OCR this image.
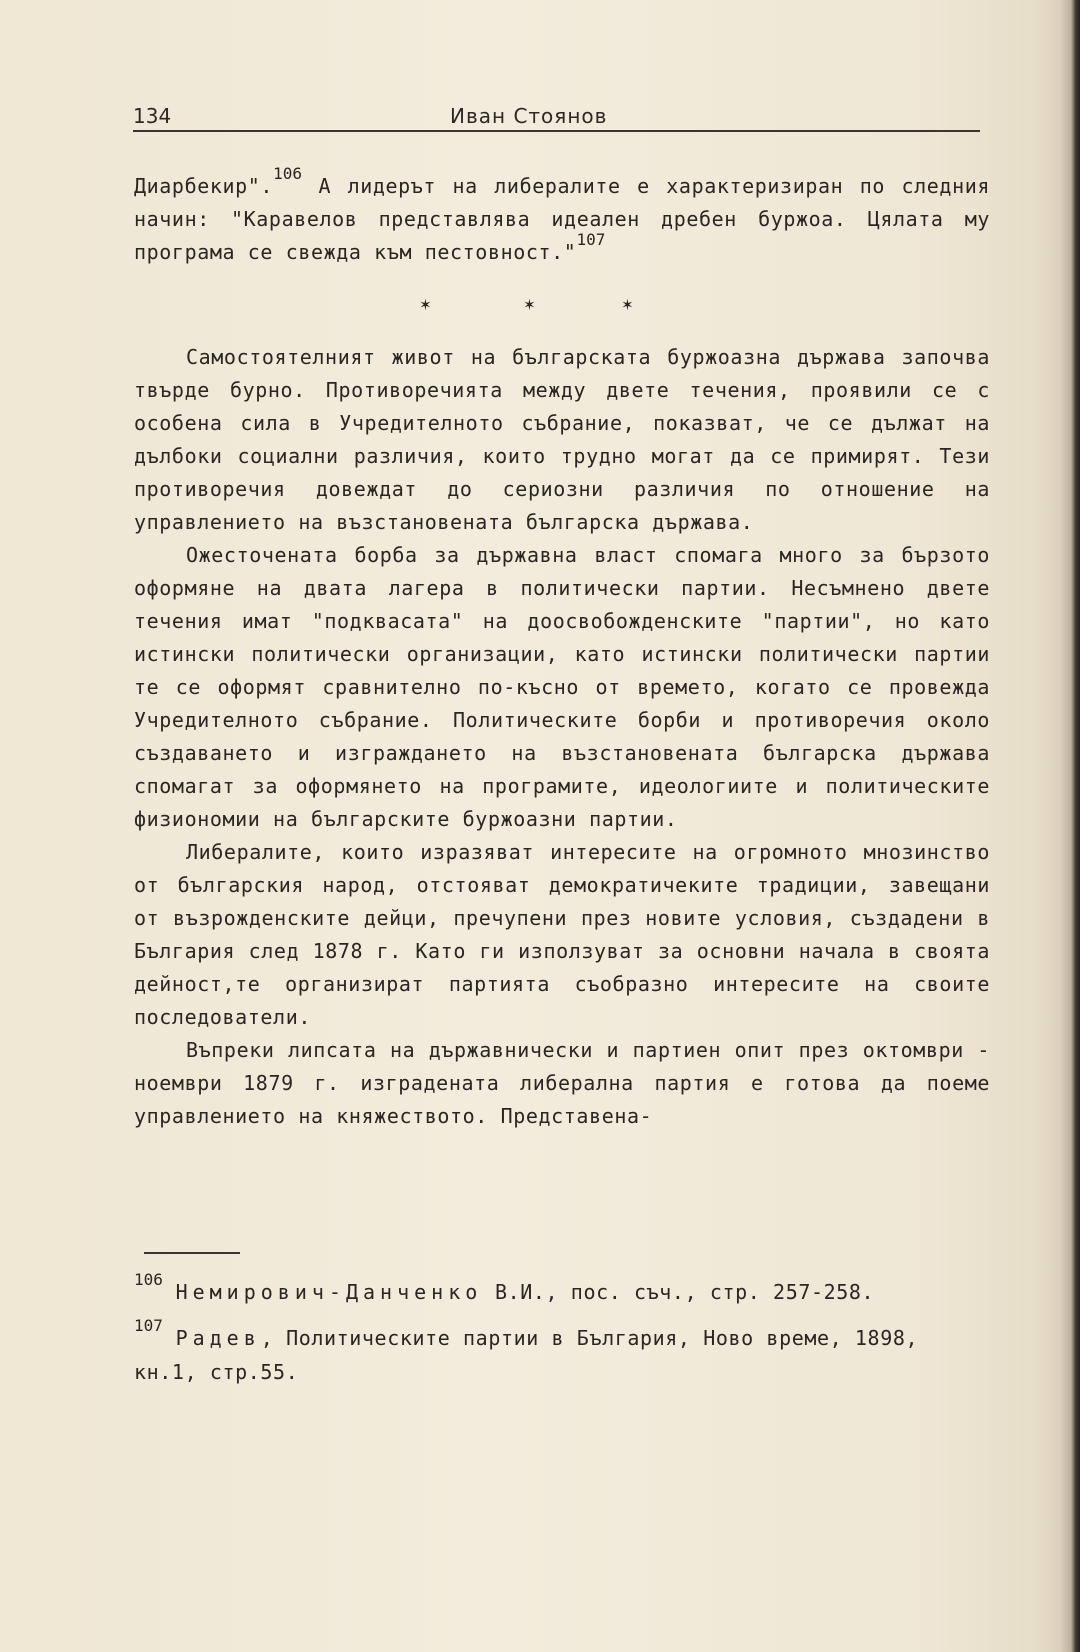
134	Иван Стоянов

Диарбекир".$^{106}$ А лидерът на либералите е характеризиран по следния начин: "Каравелов представлява идеален дребен буржоа. Цялата му програма се свежда към пестовност."$^{107}$

✶	✶	✶

Самостоятелният живот на българската буржоазна държава започва твърде бурно. Противоречията между двете течения, проявили се с особена сила в Учредителното събрание, показват, че се дължат на дълбоки социални различия, които трудно могат да се примирят. Тези противоречия довеждат до сериозни различия по отношение на управлението на възстановената българска държава.

Ожесточената борба за държавна власт спомага много за бързото оформяне на двата лагера в политически партии. Несъмнено двете течения имат "подквасата" на доосвобожденските "партии", но като истински политически организации, като истински политически партии те се оформят сравнително по-късно от времето, когато се провежда Учредителното събрание. Политическите борби и противоречия около създаването и изграждането на възстановената българска държава спомагат за оформянето на програмите, идеологиите и политическите физиономии на българските буржоазни партии.

Либералите, които изразяват интересите на огромното мнозинство от българския народ, отстояват демократичеките традиции, завещани от възрожденските дейци, пречупени през новите условия, създадени в България след 1878 г. Като ги използуват за основни начала в своята дейност,те организират партията съобразно интересите на своите последователи.

Въпреки липсата на държавнически и партиен опит през октомври - ноември 1879 г. изградената либерална партия е готова да поеме управлението на княжеството. Представена-

$^{106}$ Немирович-Данченко В.И., пос. съч., стр. 257-258.

$^{107}$ Радев, Политическите партии в България, Ново време, 1898, кн.1, стр.55.
